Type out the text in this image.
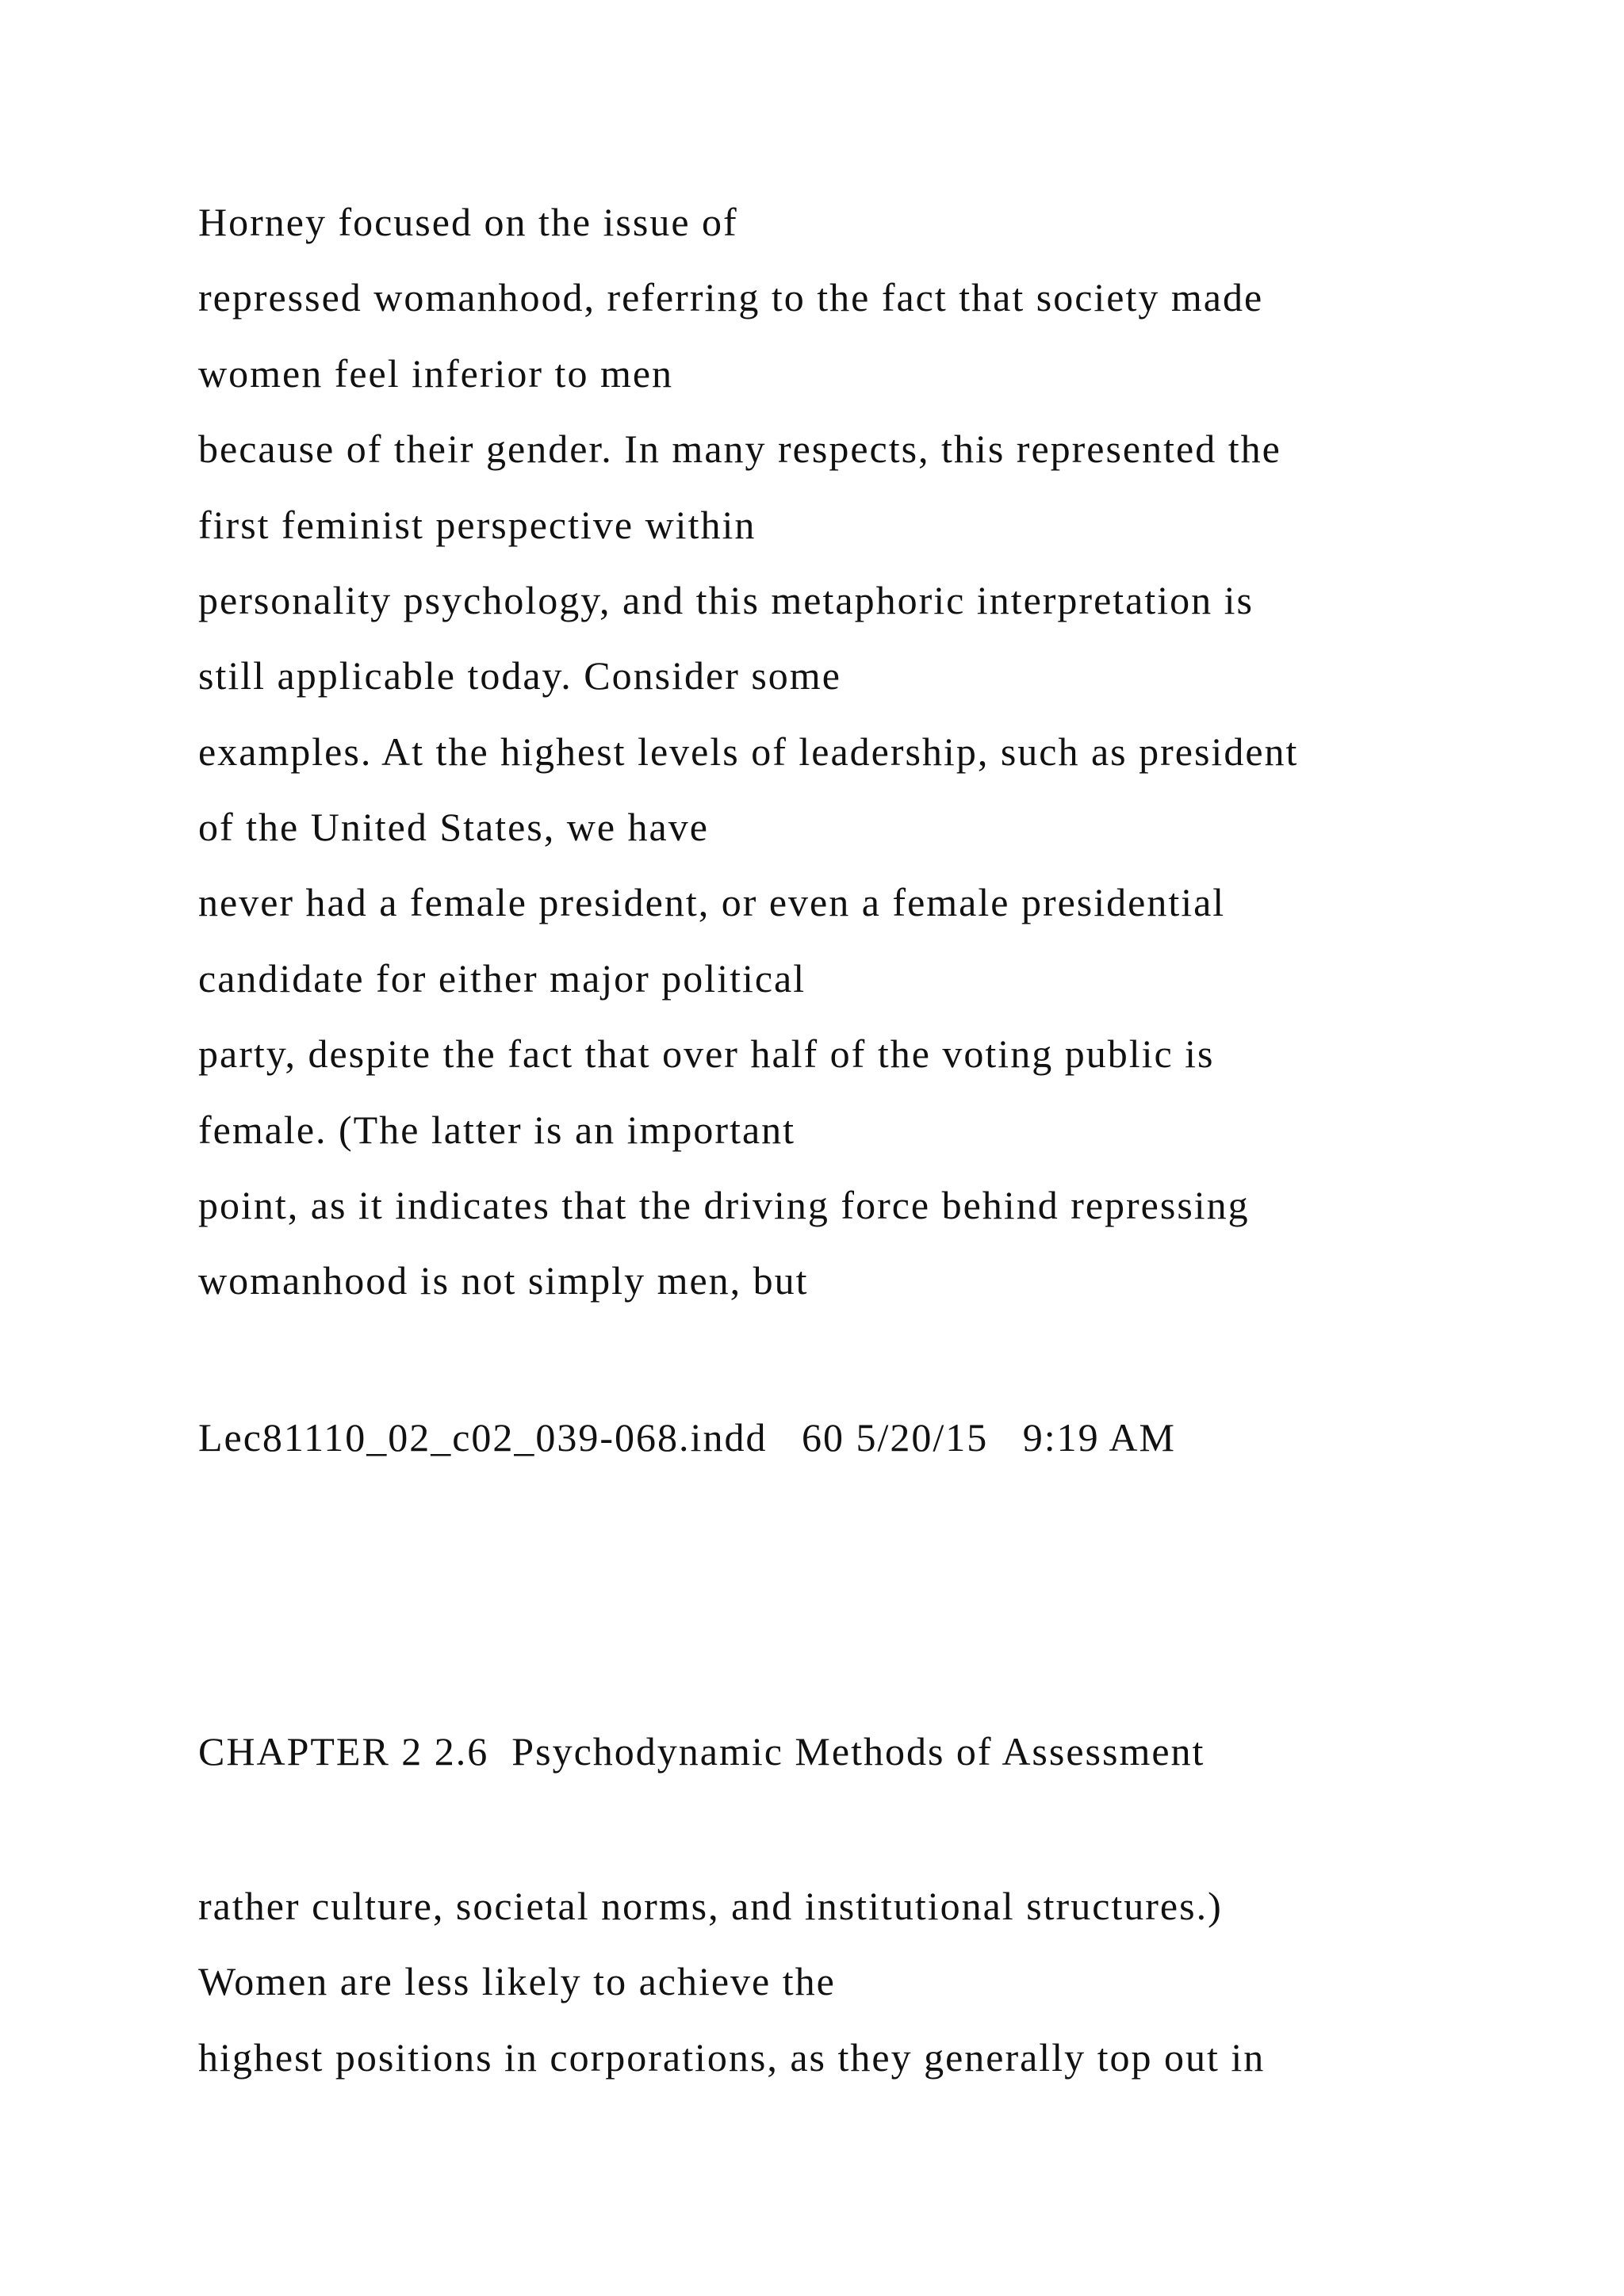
Horney focused on the issue of
repressed womanhood, referring to the fact that society made
women feel inferior to men
because of their gender. In many respects, this represented the
first feminist perspective within
personality psychology, and this metaphoric interpretation is
still applicable today. Consider some
examples. At the highest levels of leadership, such as president
of the United States, we have
never had a female president, or even a female presidential
candidate for either major political
party, despite the fact that over half of the voting public is
female. (The latter is an important
point, as it indicates that the driving force behind repressing
womanhood is not simply men, but
Lec81110_02_c02_039-068.indd   60 5/20/15   9:19 AM
CHAPTER 2 2.6  Psychodynamic Methods of Assessment
rather culture, societal norms, and institutional structures.)
Women are less likely to achieve the
highest positions in corporations, as they generally top out in
